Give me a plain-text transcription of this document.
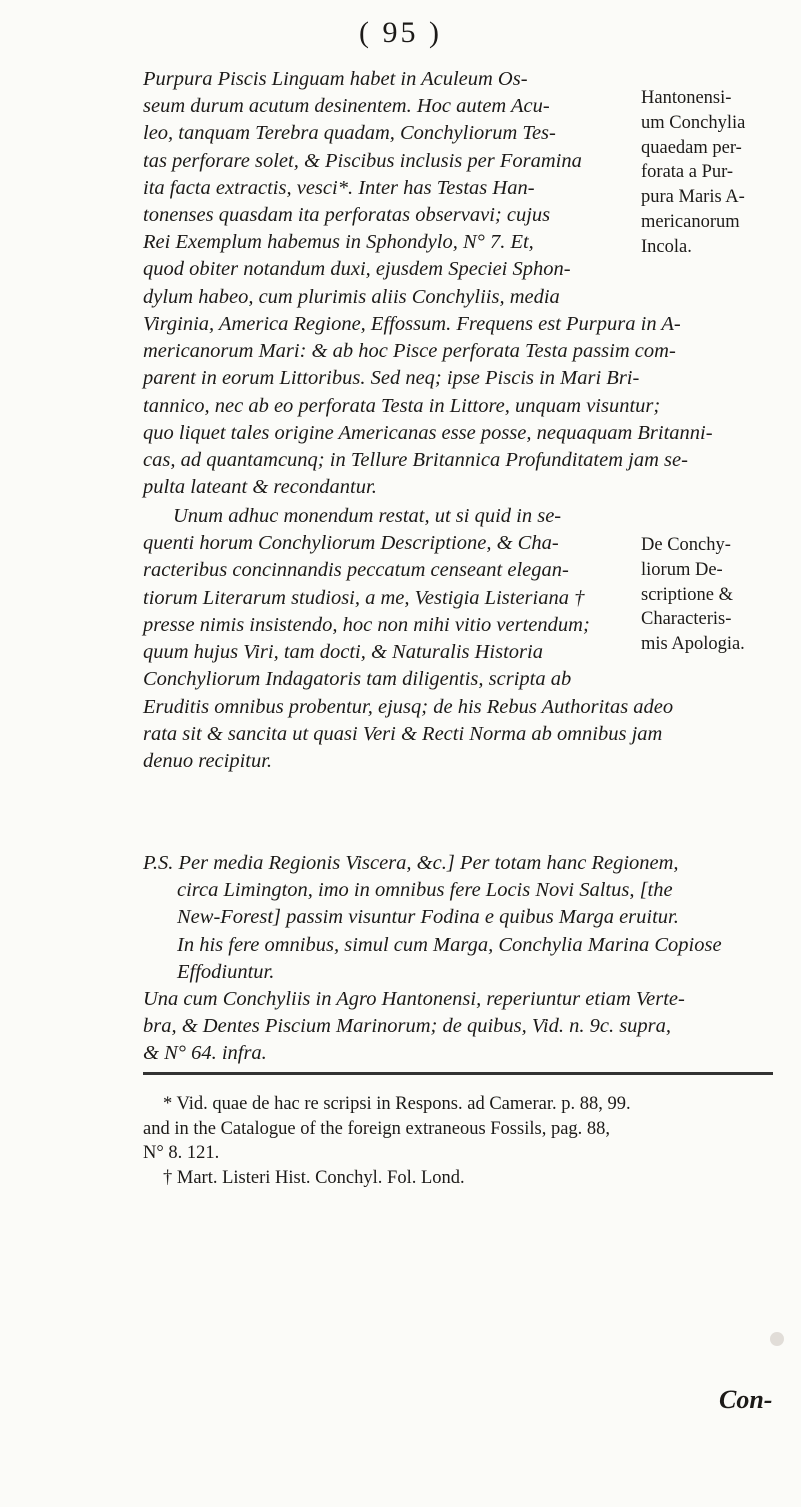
( 95 )
Purpura Piscis Linguam habet in Aculeum Os-
seum durum acutum desinentem. Hoc autem Acu-
leo, tanquam Terebra quadam, Conchyliorum Tes-
tas perforare solet, & Piscibus inclusis per Foramina
ita facta extractis, vesci*. Inter has Testas Han-
tonenses quasdam ita perforatas observavi; cujus
Rei Exemplum habemus in Sphondylo, N° 7. Et,
quod obiter notandum duxi, ejusdem Speciei Sphon-
dylum habeo, cum plurimis aliis Conchyliis, media
Virginia, America Regione, Effossum. Frequens est Purpura in A-
mericanorum Mari: & ab hoc Pisce perforata Testa passim com-
parent in eorum Littoribus. Sed neq; ipse Piscis in Mari Bri-
tannico, nec ab eo perforata Testa in Littore, unquam visuntur;
quo liquet tales origine Americanas esse posse, nequaquam Britanni-
cas, ad quantamcunq; in Tellure Britannica Profunditatem jam se-
pulta lateant & recondantur.
Unum adhuc monendum restat, ut si quid in se-
quenti horum Conchyliorum Descriptione, & Cha-
racteribus concinnandis peccatum censeant elegan-
tiorum Literarum studiosi, a me, Vestigia Listeriana †
presse nimis insistendo, hoc non mihi vitio vertendum;
quum hujus Viri, tam docti, & Naturalis Historia
Conchyliorum Indagatoris tam diligentis, scripta ab
Eruditis omnibus probentur, ejusq; de his Rebus Authoritas adeo
rata sit & sancita ut quasi Veri & Recti Norma ab omnibus jam
denuo recipitur.
Hantonensi-
um Conchylia
quaedam per-
forata a Pur-
pura Maris A-
mericanorum
Incola.
De Conchy-
liorum De-
scriptione &
Characteris-
mis Apologia.
P.S. Per media Regionis Viscera, &c.] Per totam hanc Regionem,
circa Limington, imo in omnibus fere Locis Novi Saltus, [the
New-Forest] passim visuntur Fodina e quibus Marga eruitur.
In his fere omnibus, simul cum Marga, Conchylia Marina Copiose
Effodiuntur.
Una cum Conchyliis in Agro Hantonensi, reperiuntur etiam Verte-
bra, & Dentes Piscium Marinorum; de quibus, Vid. n. 9c. supra,
& N° 64. infra.
* Vid. quae de hac re scripsi in Respons. ad Camerar. p. 88, 99.
and in the Catalogue of the foreign extraneous Fossils, pag. 88,
N° 8. 121.
† Mart. Listeri Hist. Conchyl. Fol. Lond.
Con-
